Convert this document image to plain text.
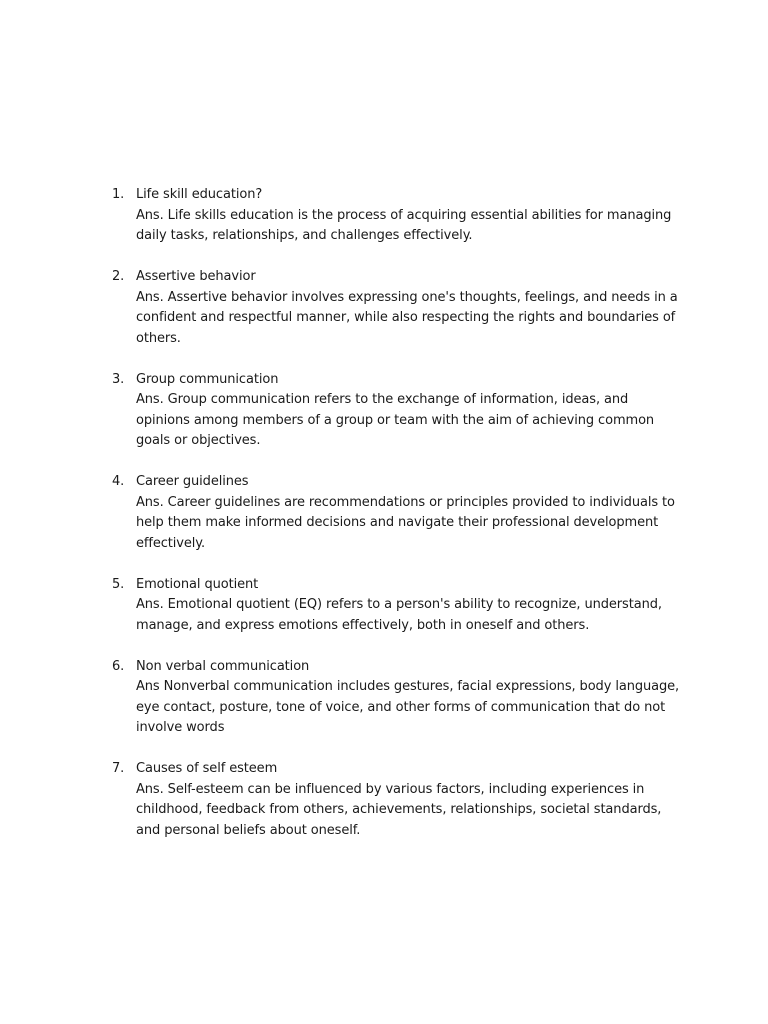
1. Life skill education?
Ans. Life skills education is the process of acquiring essential abilities for managing daily tasks, relationships, and challenges effectively.
2. Assertive behavior
Ans. Assertive behavior involves expressing one's thoughts, feelings, and needs in a confident and respectful manner, while also respecting the rights and boundaries of others.
3. Group communication
Ans. Group communication refers to the exchange of information, ideas, and opinions among members of a group or team with the aim of achieving common goals or objectives.
4. Career guidelines
Ans. Career guidelines are recommendations or principles provided to individuals to help them make informed decisions and navigate their professional development effectively.
5. Emotional quotient
Ans. Emotional quotient (EQ) refers to a person's ability to recognize, understand, manage, and express emotions effectively, both in oneself and others.
6. Non verbal communication
Ans Nonverbal communication includes gestures, facial expressions, body language, eye contact, posture, tone of voice, and other forms of communication that do not involve words
7. Causes of self esteem
Ans. Self-esteem can be influenced by various factors, including experiences in childhood, feedback from others, achievements, relationships, societal standards, and personal beliefs about oneself.
